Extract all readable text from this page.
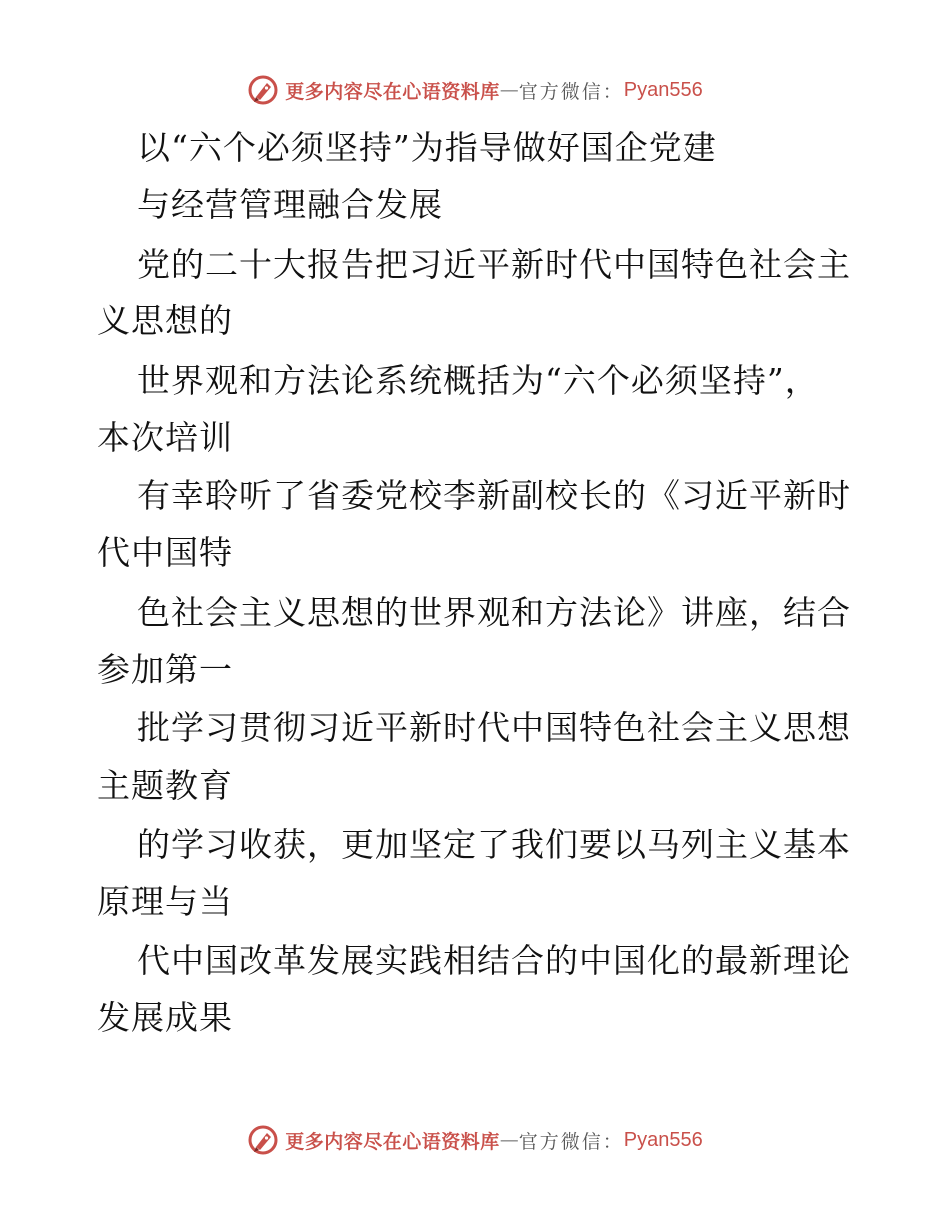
更多内容尽在心语资料库 — 官方微信： Pyan556
以“六个必须坚持”为指导做好国企党建
与经营管理融合发展
党的二十大报告把习近平新时代中国特色社会主
义思想的
世界观和方法论系统概括为“六个必须坚持”，
本次培训
有幸聆听了省委党校李新副校长的《习近平新时
代中国特
色社会主义思想的世界观和方法论》讲座，结合
参加第一
批学习贯彻习近平新时代中国特色社会主义思想
主题教育
的学习收获，更加坚定了我们要以马列主义基本
原理与当
代中国改革发展实践相结合的中国化的最新理论
发展成果
更多内容尽在心语资料库 — 官方微信： Pyan556
